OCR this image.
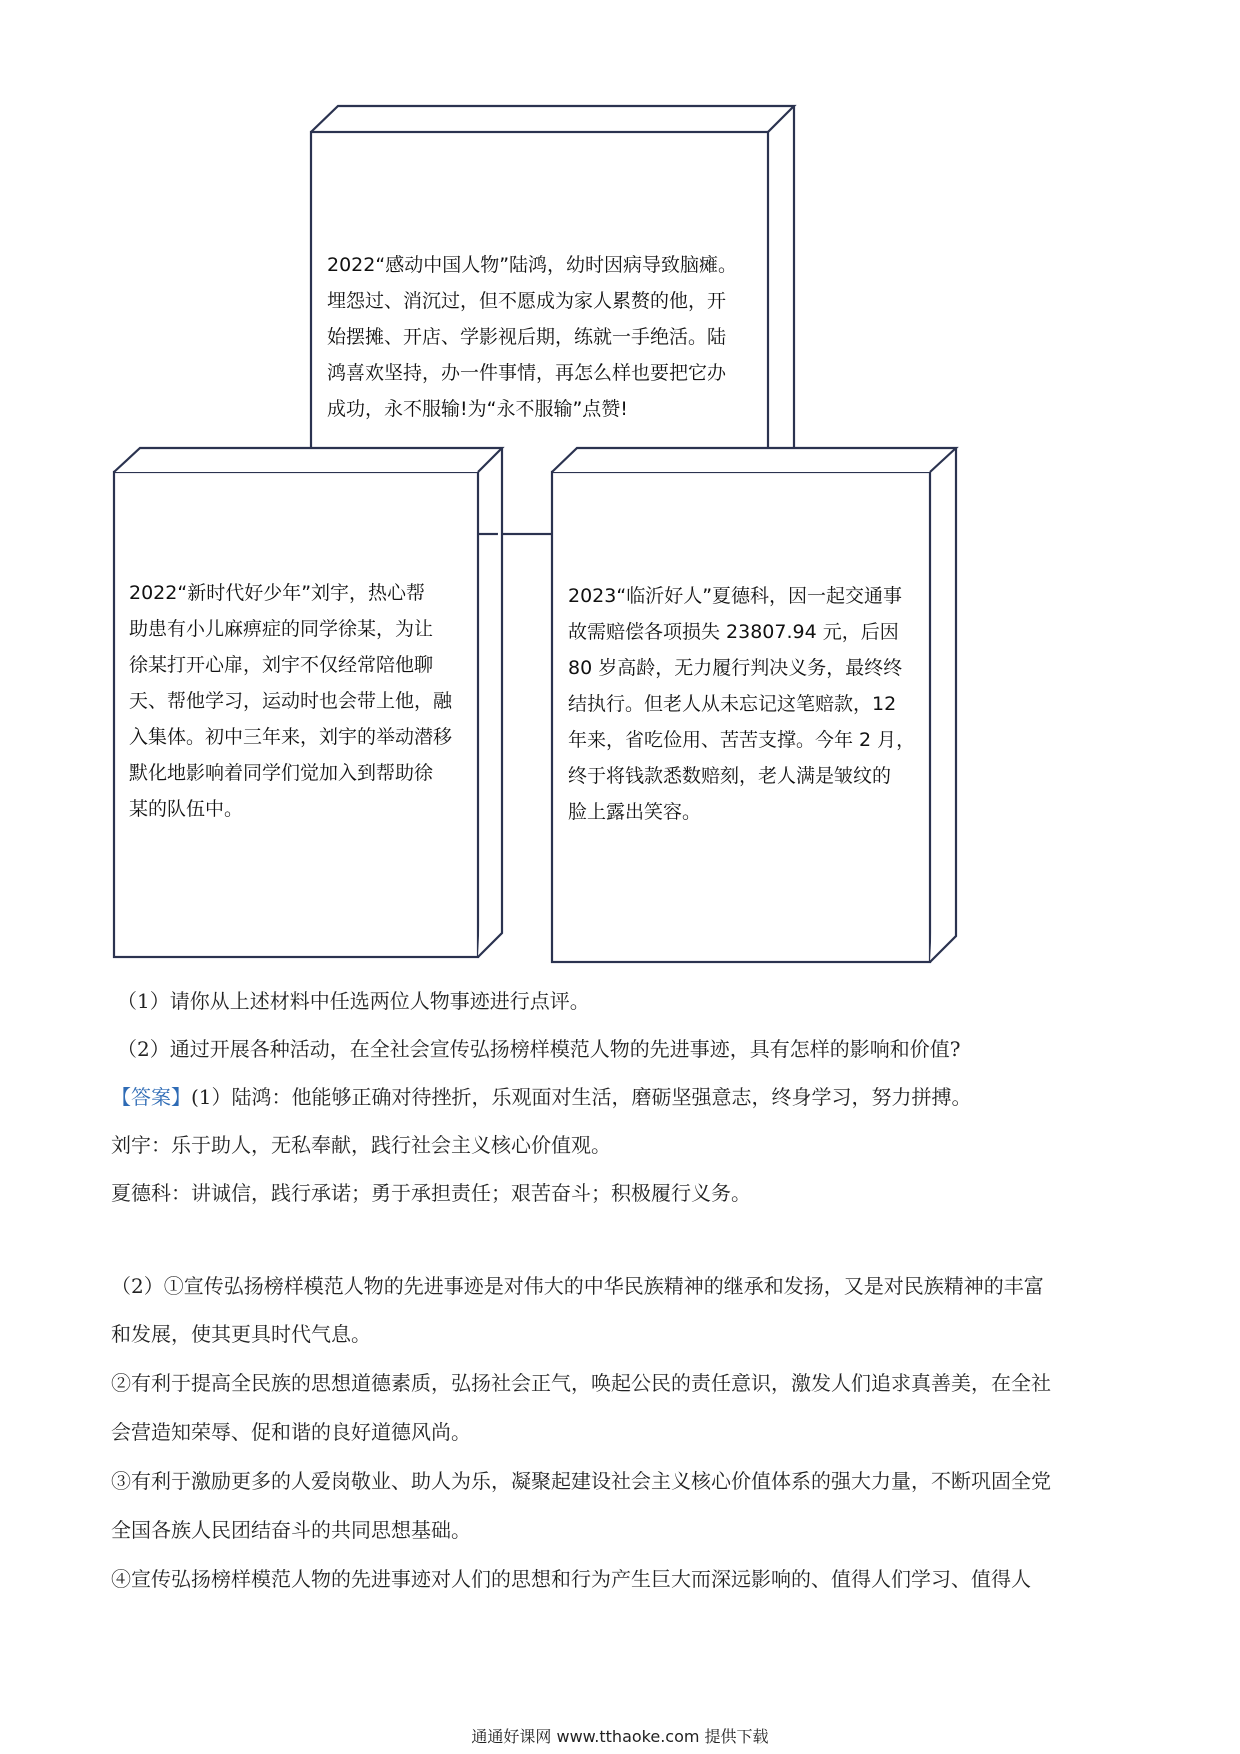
2022“感动中国人物”陆鸿，幼时因病导致脑瘫。
埋怨过、消沉过，但不愿成为家人累赘的他，开
始摆摊、开店、学影视后期，练就一手绝活。陆
鸿喜欢坚持，办一件事情，再怎么样也要把它办
成功，永不服输!为“永不服输”点赞!
2022“新时代好少年”刘宇，热心帮
助患有小儿麻痹症的同学徐某，为让
徐某打开心扉，刘宇不仅经常陪他聊
天、帮他学习，运动时也会带上他，融
入集体。初中三年来，刘宇的举动潜移
默化地影响着同学们觉加入到帮助徐
某的队伍中。
2023“临沂好人”夏德科，因一起交通事
故需赔偿各项损失 23807.94 元，后因
80 岁高龄，无力履行判决义务，最终终
结执行。但老人从未忘记这笔赔款，12
年来，省吃俭用、苦苦支撑。今年 2 月，
终于将钱款悉数赔刻，老人满是皱纹的
脸上露出笑容。
（1）请你从上述材料中任选两位人物事迹进行点评。
（2）通过开展各种活动，在全社会宣传弘扬榜样模范人物的先进事迹，具有怎样的影响和价值?
【答案】(1）陆鸿：他能够正确对待挫折，乐观面对生活，磨砺坚强意志，终身学习，努力拼搏。
刘宇：乐于助人，无私奉献，践行社会主义核心价值观。
夏德科：讲诚信，践行承诺；勇于承担责任；艰苦奋斗；积极履行义务。
（2）①宣传弘扬榜样模范人物的先进事迹是对伟大的中华民族精神的继承和发扬，又是对民族精神的丰富
和发展，使其更具时代气息。
②有利于提高全民族的思想道德素质，弘扬社会正气，唤起公民的责任意识，激发人们追求真善美，在全社
会营造知荣辱、促和谐的良好道德风尚。
③有利于激励更多的人爱岗敬业、助人为乐，凝聚起建设社会主义核心价值体系的强大力量，不断巩固全党
全国各族人民团结奋斗的共同思想基础。
④宣传弘扬榜样模范人物的先进事迹对人们的思想和行为产生巨大而深远影响的、值得人们学习、值得人
通通好课网 www.tthaoke.com 提供下载
